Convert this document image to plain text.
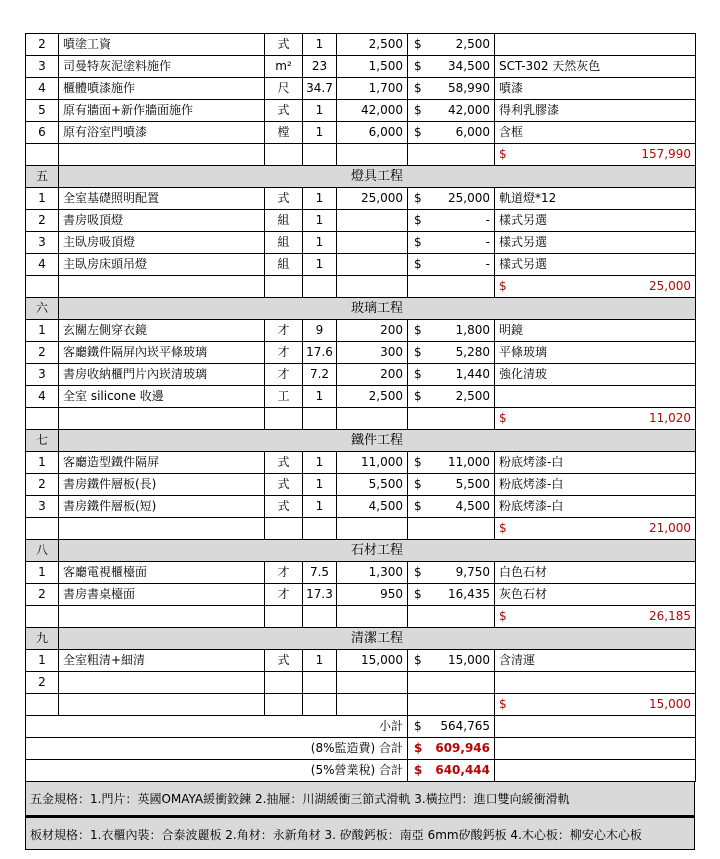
2	噴塗工資	式	1	2,500	$	2,500	
3	司曼特灰泥塗料施作	m²	23	1,500	$	34,500	SCT-302 天然灰色
4	櫃體噴漆施作	尺	34.7	1,700	$	58,990	噴漆
5	原有牆面+新作牆面施作	式	1	42,000	$	42,000	得利乳膠漆
6	原有浴室門噴漆	樘	1	6,000	$	6,000	含框

							$ 157,990

五	燈具工程						
1	全室基礎照明配置	式	1	25,000	$	25,000	軌道燈*12
2	書房吸頂燈	組	1		$	-	樣式另選
3	主臥房吸頂燈	組	1		$	-	樣式另選
4	主臥房床頭吊燈	組	1		$	-	樣式另選

							$ 25,000

六	玻璃工程						
1	玄關左側穿衣鏡	才	9	200	$	1,800	明鏡
2	客廳鐵件隔屏內崁平條玻璃	才	17.6	300	$	5,280	平條玻璃
3	書房收納櫃門片內崁清玻璃	才	7.2	200	$	1,440	強化清玻
4	全室 silicone 收邊	工	1	2,500	$	2,500	

							$ 11,020

七	鐵件工程						
1	客廳造型鐵件隔屏	式	1	11,000	$	11,000	粉底烤漆-白
2	書房鐵件層板(長)	式	1	5,500	$	5,500	粉底烤漆-白
3	書房鐵件層板(短)	式	1	4,500	$	4,500	粉底烤漆-白

							$ 21,000

八	石材工程						
1	客廳電視櫃檯面	才	7.5	1,300	$	9,750	白色石材
2	書房書桌檯面	才	17.3	950	$	16,435	灰色石材

							$ 26,185

九	清潔工程						
1	全室粗清+細清	式	1	15,000	$	15,000	含清運
2							

							$ 15,000

小計					$	564,765	
(8%監造費) 合計					$	609,946	
(5%營業稅) 合計					$	640,444	
五金規格：1.門片：英國OMAYA緩衝鉸鍊 2.抽屜：川湖緩衝三節式滑軌 3.橫拉門：進口雙向緩衝滑軌
板材規格：1.衣櫃內裝：合泰波麗板 2.角材：永新角材 3. 矽酸鈣板：南亞 6mm矽酸鈣板 4.木心板：柳安心木心板
